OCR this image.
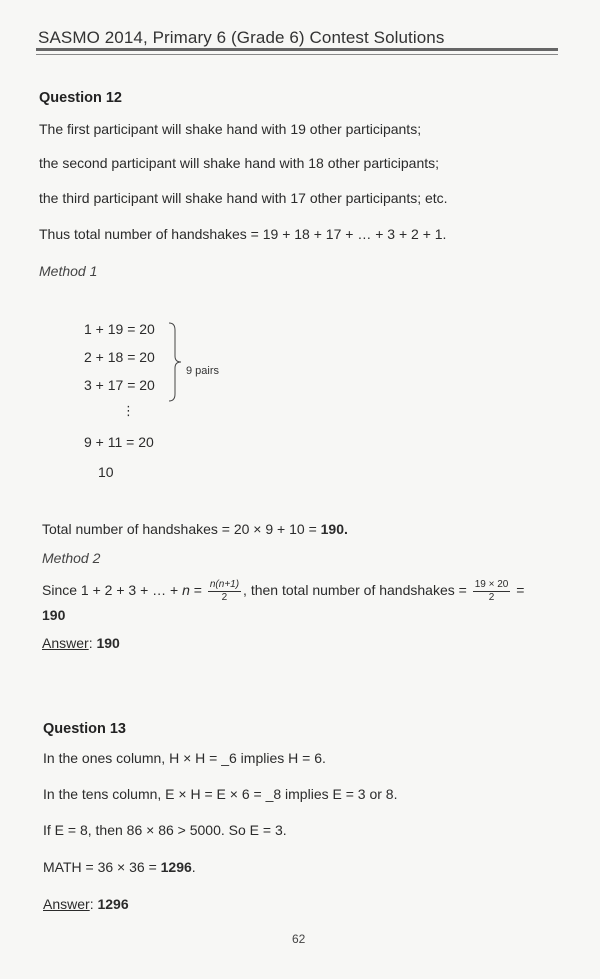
SASMO 2014, Primary 6 (Grade 6) Contest Solutions
Question 12
The first participant will shake hand with 19 other participants;
the second participant will shake hand with 18 other participants;
the third participant will shake hand with 17 other participants; etc.
Thus total number of handshakes = 19 + 18 + 17 + … + 3 + 2 + 1.
Method 1
1 + 19 = 20
2 + 18 = 20
3 + 17 = 20
9 pairs
⋮
9 + 11 = 20
10
Total number of handshakes = 20 × 9 + 10 = 190.
Method 2
Since 1 + 2 + 3 + … + $n = \frac{n(n+1)}{2}$ , then total number of handshakes = $\frac{19 \times 20}{2}$ =
190
Answer: 190
Question 13
In the ones column, H × H = _6 implies H = 6.
In the tens column, E × H = E × 6 = _8 implies E = 3 or 8.
If E = 8, then 86 × 86 > 5000. So E = 3.
MATH = 36 × 36 = 1296.
Answer: 1296
62
